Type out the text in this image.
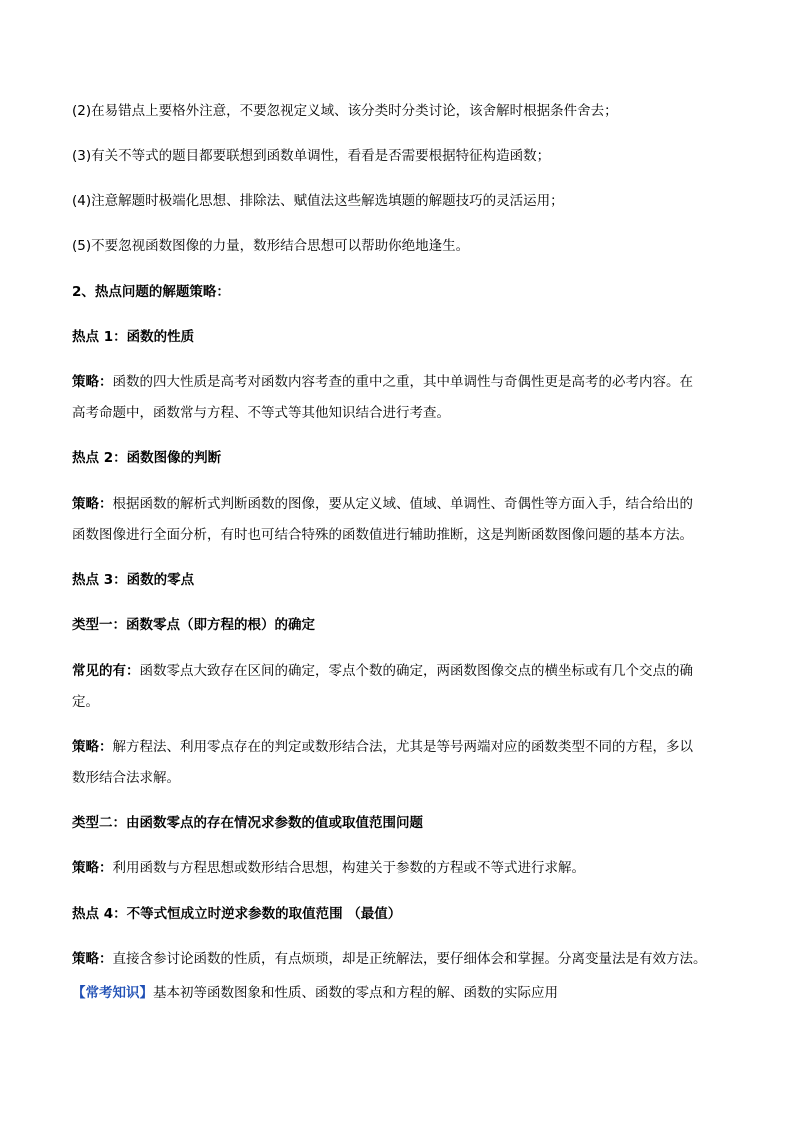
(2)在易错点上要格外注意，不要忽视定义域、该分类时分类讨论，该舍解时根据条件舍去；
(3)有关不等式的题目都要联想到函数单调性，看看是否需要根据特征构造函数；
(4)注意解题时极端化思想、排除法、赋值法这些解选填题的解题技巧的灵活运用；
(5)不要忽视函数图像的力量，数形结合思想可以帮助你绝地逢生。
2、热点问题的解题策略：
热点 1：函数的性质
策略：函数的四大性质是高考对函数内容考查的重中之重，其中单调性与奇偶性更是高考的必考内容。在
高考命题中，函数常与方程、不等式等其他知识结合进行考查。
热点 2：函数图像的判断
策略：根据函数的解析式判断函数的图像，要从定义域、值域、单调性、奇偶性等方面入手，结合给出的
函数图像进行全面分析，有时也可结合特殊的函数值进行辅助推断，这是判断函数图像问题的基本方法。
热点 3：函数的零点
类型一：函数零点（即方程的根）的确定
常见的有：函数零点大致存在区间的确定，零点个数的确定，两函数图像交点的横坐标或有几个交点的确
定。
策略：解方程法、利用零点存在的判定或数形结合法，尤其是等号两端对应的函数类型不同的方程，多以
数形结合法求解。
类型二：由函数零点的存在情况求参数的值或取值范围问题
策略：利用函数与方程思想或数形结合思想，构建关于参数的方程或不等式进行求解。
热点 4：不等式恒成立时逆求参数的取值范围 （最值）
策略：直接含参讨论函数的性质，有点烦琐，却是正统解法，要仔细体会和掌握。分离变量法是有效方法。
【常考知识】基本初等函数图象和性质、函数的零点和方程的解、函数的实际应用
